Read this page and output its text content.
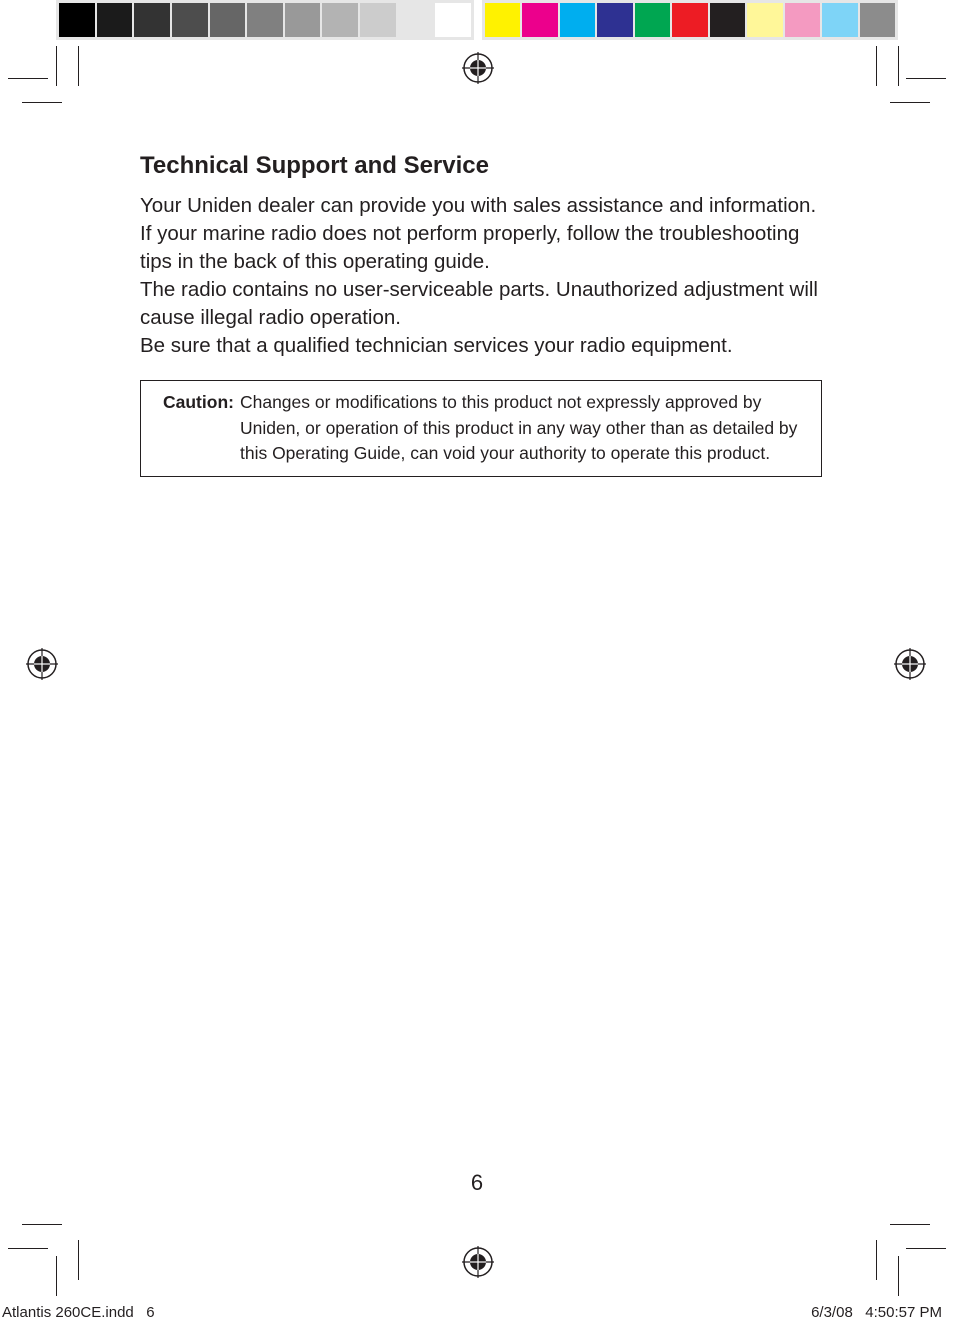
Technical Support and Service

Your Uniden dealer can provide you with sales assistance and information. If your marine radio does not perform properly, follow the troubleshooting tips in the back of this operating guide.

The radio contains no user-serviceable parts. Unauthorized adjustment will cause illegal radio operation.

Be sure that a qualified technician services your radio equipment.

Caution: Changes or modifications to this product not expressly approved by Uniden, or operation of this product in any way other than as detailed by this Operating Guide, can void your authority to operate this product.
6
Atlantis 260CE.indd   6	6/3/08   4:50:57 PM
